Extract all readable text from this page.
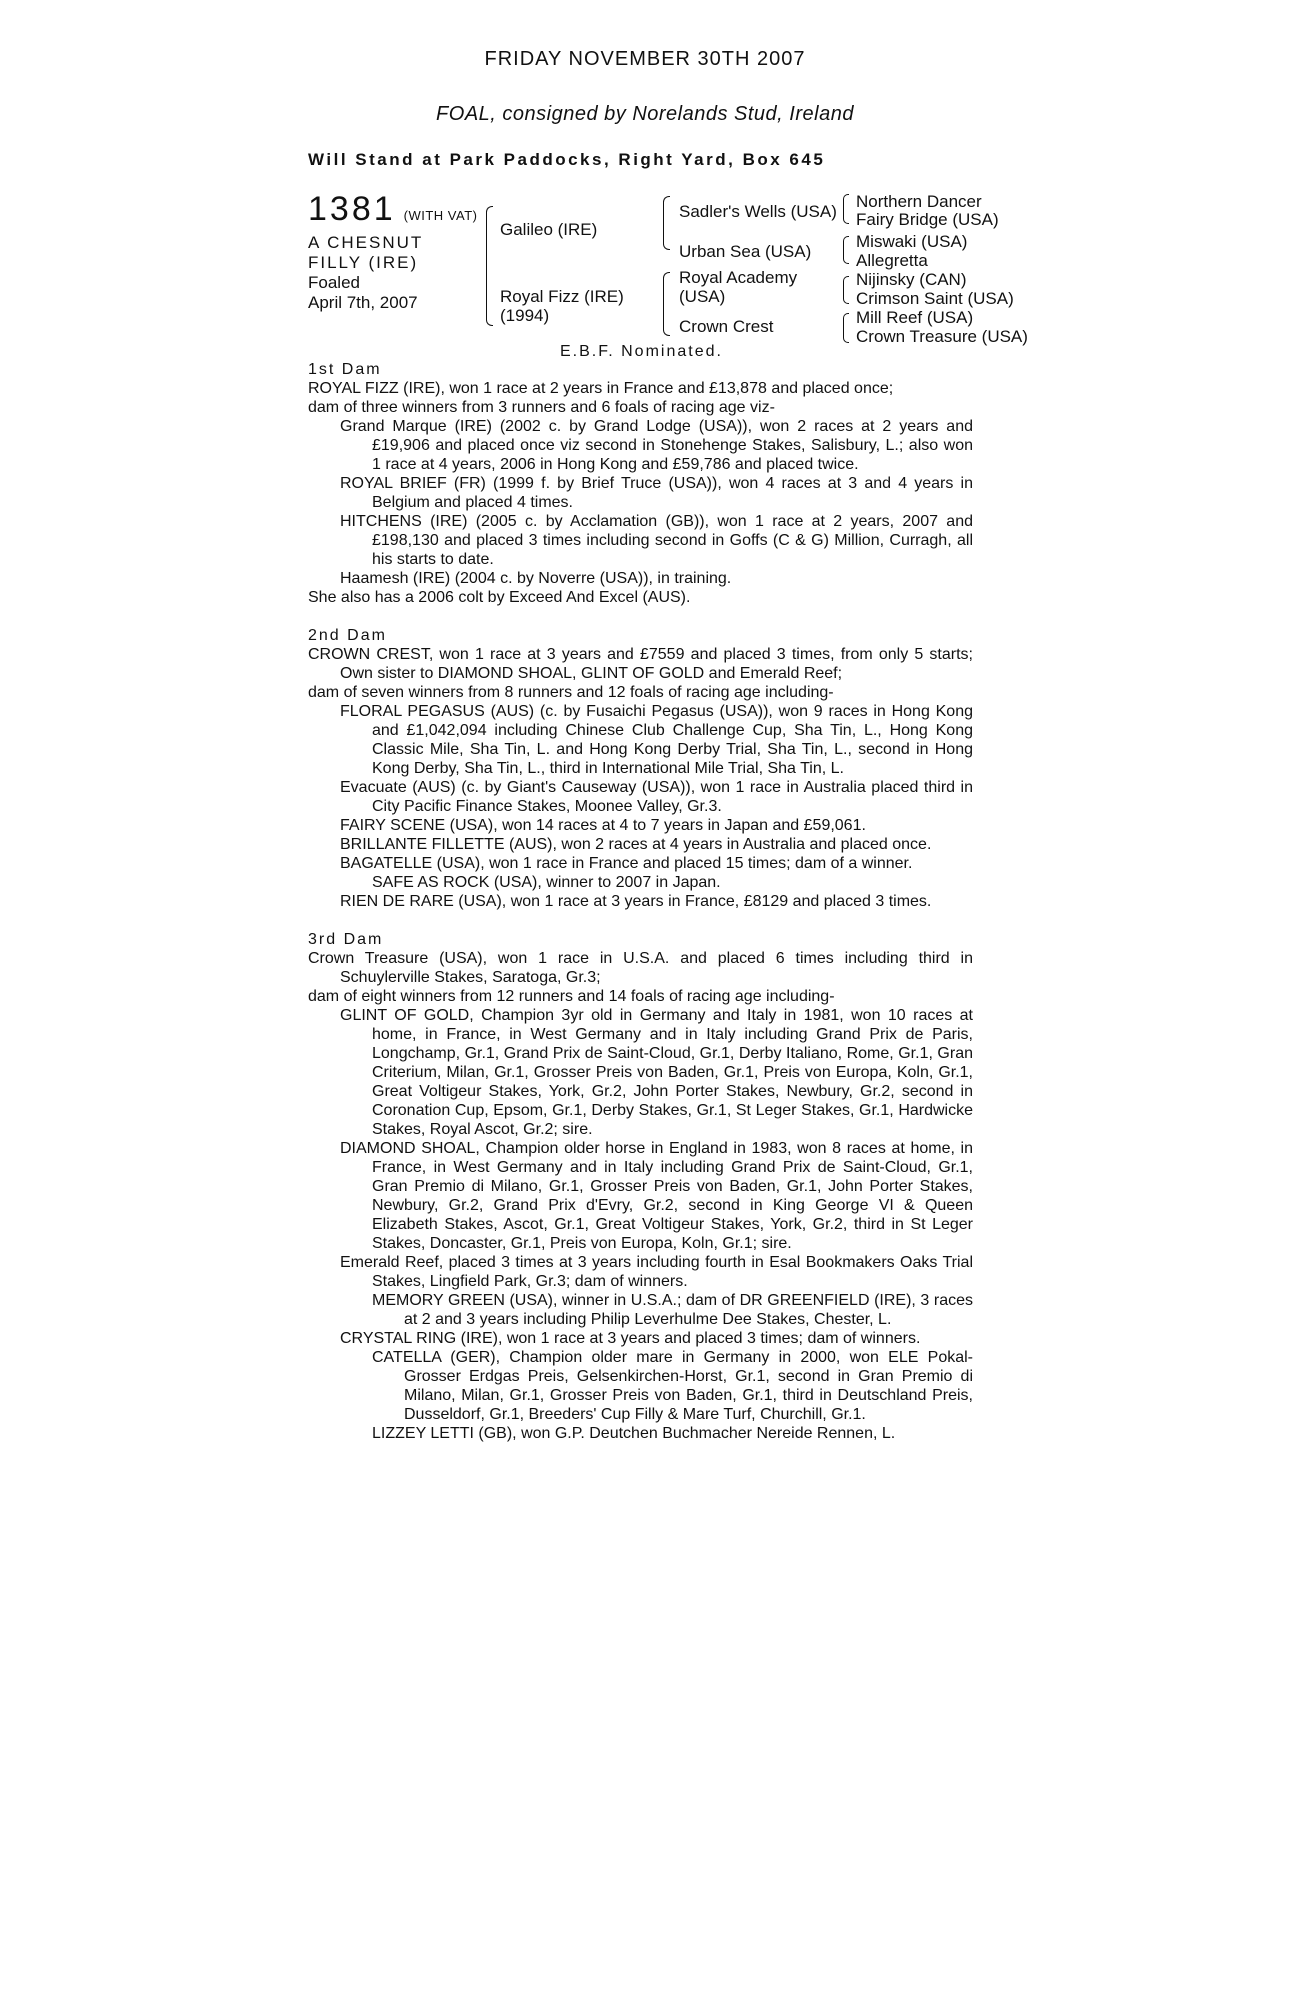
FRIDAY NOVEMBER 30TH 2007
FOAL, consigned by Norelands Stud, Ireland
Will Stand at Park Paddocks, Right Yard, Box 645
1381 (WITH VAT)
A CHESNUT FILLY (IRE)
Foaled
April 7th, 2007
Galileo (IRE)
Royal Fizz (IRE) (1994)
Sadler's Wells (USA)
Urban Sea (USA)
Royal Academy (USA)
Crown Crest
Northern Dancer
Fairy Bridge (USA)
Miswaki (USA)
Allegretta
Nijinsky (CAN)
Crimson Saint (USA)
Mill Reef (USA)
Crown Treasure (USA)
E.B.F. Nominated.
1st Dam
ROYAL FIZZ (IRE), won 1 race at 2 years in France and £13,878 and placed once;
dam of three winners from 3 runners and 6 foals of racing age viz-
Grand Marque (IRE) (2002 c. by Grand Lodge (USA)), won 2 races at 2 years and £19,906 and placed once viz second in Stonehenge Stakes, Salisbury, L.; also won 1 race at 4 years, 2006 in Hong Kong and £59,786 and placed twice.
ROYAL BRIEF (FR) (1999 f. by Brief Truce (USA)), won 4 races at 3 and 4 years in Belgium and placed 4 times.
HITCHENS (IRE) (2005 c. by Acclamation (GB)), won 1 race at 2 years, 2007 and £198,130 and placed 3 times including second in Goffs (C & G) Million, Curragh, all his starts to date.
Haamesh (IRE) (2004 c. by Noverre (USA)), in training.
She also has a 2006 colt by Exceed And Excel (AUS).
2nd Dam
CROWN CREST, won 1 race at 3 years and £7559 and placed 3 times, from only 5 starts; Own sister to DIAMOND SHOAL, GLINT OF GOLD and Emerald Reef;
dam of seven winners from 8 runners and 12 foals of racing age including-
FLORAL PEGASUS (AUS) (c. by Fusaichi Pegasus (USA)), won 9 races in Hong Kong and £1,042,094 including Chinese Club Challenge Cup, Sha Tin, L., Hong Kong Classic Mile, Sha Tin, L. and Hong Kong Derby Trial, Sha Tin, L., second in Hong Kong Derby, Sha Tin, L., third in International Mile Trial, Sha Tin, L.
Evacuate (AUS) (c. by Giant's Causeway (USA)), won 1 race in Australia placed third in City Pacific Finance Stakes, Moonee Valley, Gr.3.
FAIRY SCENE (USA), won 14 races at 4 to 7 years in Japan and £59,061.
BRILLANTE FILLETTE (AUS), won 2 races at 4 years in Australia and placed once.
BAGATELLE (USA), won 1 race in France and placed 15 times; dam of a winner.
SAFE AS ROCK (USA), winner to 2007 in Japan.
RIEN DE RARE (USA), won 1 race at 3 years in France, £8129 and placed 3 times.
3rd Dam
Crown Treasure (USA), won 1 race in U.S.A. and placed 6 times including third in Schuylerville Stakes, Saratoga, Gr.3;
dam of eight winners from 12 runners and 14 foals of racing age including-
GLINT OF GOLD, Champion 3yr old in Germany and Italy in 1981, won 10 races at home, in France, in West Germany and in Italy including Grand Prix de Paris, Longchamp, Gr.1, Grand Prix de Saint-Cloud, Gr.1, Derby Italiano, Rome, Gr.1, Gran Criterium, Milan, Gr.1, Grosser Preis von Baden, Gr.1, Preis von Europa, Koln, Gr.1, Great Voltigeur Stakes, York, Gr.2, John Porter Stakes, Newbury, Gr.2, second in Coronation Cup, Epsom, Gr.1, Derby Stakes, Gr.1, St Leger Stakes, Gr.1, Hardwicke Stakes, Royal Ascot, Gr.2; sire.
DIAMOND SHOAL, Champion older horse in England in 1983, won 8 races at home, in France, in West Germany and in Italy including Grand Prix de Saint-Cloud, Gr.1, Gran Premio di Milano, Gr.1, Grosser Preis von Baden, Gr.1, John Porter Stakes, Newbury, Gr.2, Grand Prix d'Evry, Gr.2, second in King George VI & Queen Elizabeth Stakes, Ascot, Gr.1, Great Voltigeur Stakes, York, Gr.2, third in St Leger Stakes, Doncaster, Gr.1, Preis von Europa, Koln, Gr.1; sire.
Emerald Reef, placed 3 times at 3 years including fourth in Esal Bookmakers Oaks Trial Stakes, Lingfield Park, Gr.3; dam of winners.
MEMORY GREEN (USA), winner in U.S.A.; dam of DR GREENFIELD (IRE), 3 races at 2 and 3 years including Philip Leverhulme Dee Stakes, Chester, L.
CRYSTAL RING (IRE), won 1 race at 3 years and placed 3 times; dam of winners.
CATELLA (GER), Champion older mare in Germany in 2000, won ELE Pokal-Grosser Erdgas Preis, Gelsenkirchen-Horst, Gr.1, second in Gran Premio di Milano, Milan, Gr.1, Grosser Preis von Baden, Gr.1, third in Deutschland Preis, Dusseldorf, Gr.1, Breeders' Cup Filly & Mare Turf, Churchill, Gr.1.
LIZZEY LETTI (GB), won G.P. Deutchen Buchmacher Nereide Rennen, L.
